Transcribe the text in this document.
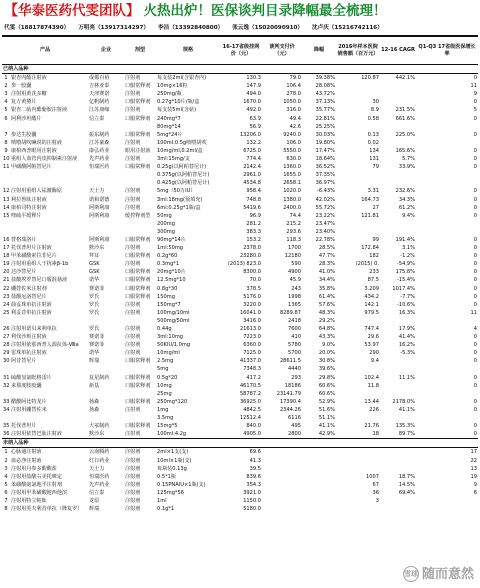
【 华泰医药代雯团队】 火热出炉！医保谈判目录降幅最全梳理！
代雯（18817874390） 万明亮（13917314297） 李洁（13392840800） 张云逸（15020090910） 沈卢庆（15216742116）
产品		企业	剂型	规格	16-17省级挂网价（元）	谈判支付价（元）	降幅	2016年样本医院销售额（百万元）	12-16 CAGR	Q1-Q3 17省级医保增长率
已纳入品种										
1	银杏内酯注射液	成都百裕	注射剂	每支装2ml(含银杏内)	130.3	79.0	39.38%	120.87	442.1%	0
2	参一胶囊	吉林亚泰	口服常释剂	10mg×16粒	147.9	106.4	28.08%			11
3	注射用黄芪多糖	天津赛诺	注射剂	250mg/瓶	494.0	278.0	43.72%			9
4	复方黄黛片	亿帆制药	口服常释剂	0.27g*10片/瓶/盒	1670.0	1050.0	37.13%	30		0
5	银杏二萜内酯葡胺注射液	江苏康缘	注射剂	每支装5ml(含萜)	492.0	316.0	35.77%	8.9	231.5%	5
6	阿利沙坦酯片	信立泰	口服常释剂	240mg*7	63.9	49.4	22.81%	0.58	661.6%	0
				80mg*14	56.9	42.6	25.25%			
7	参达生胶囊	振东制药	口服常释剂	5mg*24片	13206.0	9240.0	30.03%	0.13	225.0%	0
8	喷喂胡吹嘛说的注射液	江苏豪森	注射剂	100ml:0.5g喷喂胡吹	132.2	106.0	19.80%	0.02		
9	康柏西普眼用注射液	康弘药业	眼用注射液	10mg/ml,0.2ml/盒	6725.0	5550.0	17.47%	134	165.6%	0
10	重组人血管内皮抑制素注射液	先声药业	注射剂	3ml:15mg/支	774.4	630.0	18.64%	131	5.7%	0
11	甲磺酸阿帕替尼片	恒瑞医药	口服常释剂	0.25g(以阿帕替尼计)	2142.4	1360.0	36.52%	79	33.9%	0
				0.375g(以阿帕替尼计)	2961.0	1655.0	37.35%			
				0.425g(以阿帕替尼计)	4534.8	2658.1	36.97%			
12	注射用重组人尿激酶原	天士力	注射剂	5mg（50万IU）	958.4	1020.0	-6.43%	3.31	232.6%	0
13	利拉鲁肽注射液	诺和诺德	注射剂	3ml:18mg(预填充)	748.8	1380.0	42.02%	164.73	34.3%	0
14	康柏司特注射液	阿斯利康	注射剂	6ml:0.25g*1瓶/盒	5419.6	2400.0	55.72%	27	61.2%	0
15	喹硫平缓释片	阿斯利康	缓控释剂型	50mg	96.9	74.4	23.22%	121.81	9.4%	0
				200mg	281.2	215.2	23.47%			
				300mg	383.3	293.6	23.40%			
16	替格瑞洛片	阿斯利康	口服常释剂	90mg*14片	153.2	118.3	22.78%	99	191.4%	0
17	托伐普坦片注射液	默沙东	注射剂	1ml:50mg	2378.0	1700	28.5%	172.84	3.1%	0
18	甲苯磺酸索拉非尼片	拜耳	口服常释剂	0.2g*60	23280.0	12180	47.7%	182	-1.2%	0
19	注射用重组人干扰素β-1b	GSK	注射剂	0.3mg*1	(2013) 823.0	590	28.3%	(2015) 0.	-54.9%	0
20	达沙替尼片	GSK	口服常释剂	20mg*10片	8300.0	4900	41.0%	233	175.8%	0
21	盐酸埃罗替尼口服混悬液	诺华	口服常释剂	12.5mg*10	70.0	45.9	34.4%	87.5	-15.4%	0
22	硼替佐米注射剂	赛诺菲	口服常释剂	0.8g*30	378.5	243	35.8%	3.209	1017.4%	0
23	盐酸厄洛替尼片	罗氏	口服常释剂	150mg	5176.0	1998	61.4%	434.2	-7.7%	0
24	曲妥珠单抗注射液	罗氏	注射剂	150mg*7	3220.0	1365	57.6%	142.1	-10.6%	0
25	利妥昔单抗注射液	罗氏	注射剂	100mg/10ml	16041.0	8289.87	48.3%	979.5	16.3%	11
				500mg/50ml	3416.0	2418	29.2%			
26	注射用诺贝来利单抗	罗氏	注射剂	0.44g	21613.0	7600	64.8%	747.4	17.9%	4
27	利伐沙班注射液	赛诺菲	注射剂	3ml:10mg	7223.0	410	43.3%	29.6	41.4%	0
28	注射用依那西普人源抗体-Ⅷa	赛诺菲	注射剂	50KIU/1.0mg	6360.0	5780	9.0%	53.97	16.2%	0
29	雷珠单抗注射液	诺华	注射剂	10mg/ml	7125.0	5700	20.0%	290	-5.3%	0
30	阿昔替尼片	辉瑞	口服常释剂	2.5mg	41337.0	28611.5	30.8%	9.4		0
				5mg	7348.3	4440	39.6%			
31	硫酸氢氯吡格雷片	复星制药	口服常释剂	0.5g*20	417.2	293	29.8%	102.4	11.1%	0
32	来那度胺胶囊	新基	口服常释剂	10mg	46170.5	18186	60.6%	11.8		0
				25mg	58787.2	23141.79	60.6%			
33	醋酸阿比特龙片	扬森	口服常释剂	250mg*120	36925.0	17390.4	52.9%	13.44	2178.0%	0
34	注射用硼替佐米	扬森	注射剂	1mg	4842.5	2344.26	51.6%	226	41.1%	0
				3.5mg	12512.4	6116	51.1%			
35	托伐普坦片	大冢制药	口服常释剂	15mg*5	840.0	495	41.1%	21.76	135.3%	0
36	注射用依替巴肽注射液	默沙东	注射剂	100ml:4.2g	4905.0	2800	42.9%	18	89.7%	0
未纳入品种										
1	心脉通注射液	云南腾药	注射剂	2ml×1支(支)	69.6					17
2	血必净注射液	红日药业	注射剂	10ml×1瓶(支)	41.3					22
3	注射用丹参多酚酸盐	天士力	注射剂	每瓶装0.13g	39.5					13
4	注射用盐酸右美托咪定	恒瑞医药	注射剂	0.5*1瓶	839.6			1007	18.7%	19
5	苯磺酸氨氯地平注射剂	先声药业	注射剂	0.15PNAIU×1瓶(支)	354.3			67	14.5%	9
6	注射用甲苯磺酸地西他滨	信立泰	注射剂	125mg*56	3921.0			36	69.4%	6
7	注射用特立帕肽	龙原	注射剂	1ml	1150.0			3		
8	注射用英夫利昔单抗（隆复罗）	辉瑞	注射剂	0.1g*1	5180.0					
雪球 随而意然
